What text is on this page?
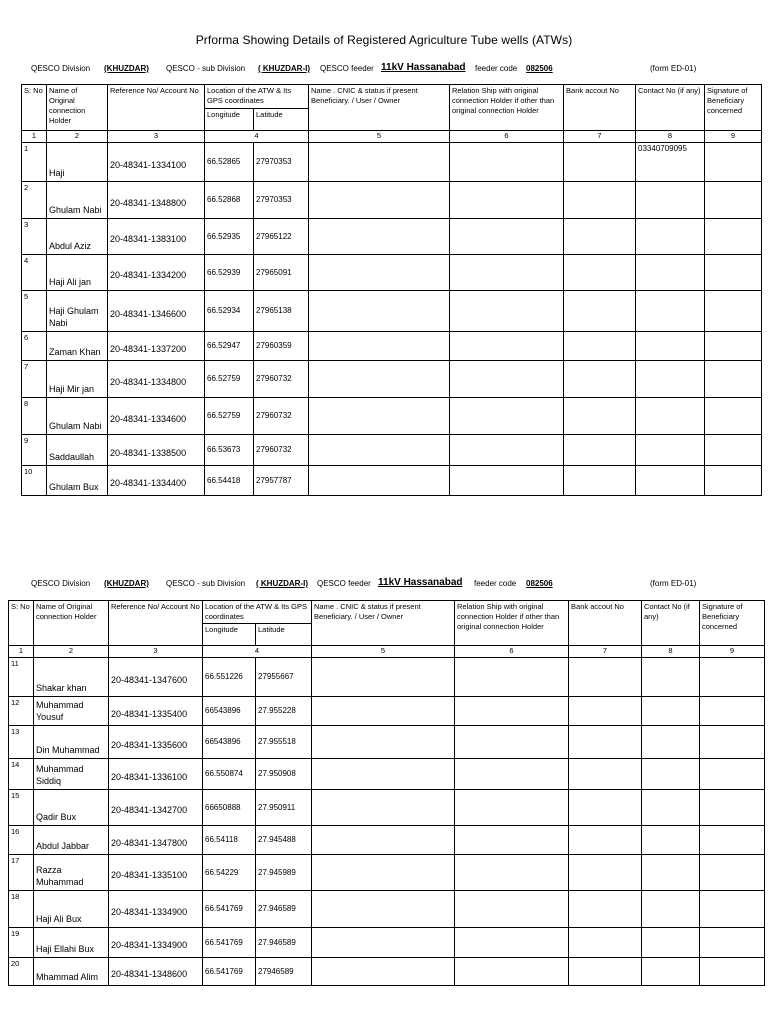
Prforma Showing Details of Registered Agriculture Tube wells (ATWs)
QESCO Division (KHUZDAR) QESCO - sub Division ( KHUZDAR-I) QESCO feeder 11kV Hassanabad feeder code 082506	(form ED-01)
S: No	Name of Original connection Holder	Reference No/ Account No	Location of the ATW & Its GPS coordinates		Name . CNIC & status if present Beneficiary. / User / Owner	Relation Ship with original connection Holder if other than original connection Holder	Bank accout No	Contact No (if any)	Signature of Beneficiary concerned
			Longitude	Latitude					
1	2	3	4		5	6	7	8	9
1	Haji	20-48341-1334100	66.52865	27970353				03340709095	
2	Ghulam Nabi	20-48341-1348800	66.52868	27970353					
3	Abdul Aziz	20-48341-1383100	66.52935	27965122					
4	Haji Ali jan	20-48341-1334200	66.52939	27965091					
5	Haji Ghulam Nabi	20-48341-1346600	66.52934	27965138					
6	Zaman Khan	20-48341-1337200	66.52947	27960359					
7	Haji Mir jan	20-48341-1334800	66.52759	27960732					
8	Ghulam Nabi	20-48341-1334600	66.52759	27960732					
9	Saddaullah	20-48341-1338500	66.53673	27960732					
10	Ghulam Bux	20-48341-1334400	66.54418	27957787					
QESCO Division (KHUZDAR) QESCO - sub Division ( KHUZDAR-I) QESCO feeder 11kV Hassanabad feeder code 082506	(form ED-01)
S: No	Name of Original connection Holder	Reference No/ Account No	Location of the ATW & Its GPS coordinates		Name . CNIC & status if present Beneficiary. / User / Owner	Relation Ship with original connection Holder if other than original connection Holder	Bank accout No	Contact No (if any)	Signature of Beneficiary concerned
			Longitude	Latitude					
1	2	3	4		5	6	7	8	9
11	Shakar khan	20-48341-1347600	66.551226	27955667					
12	Muhammad Yousuf	20-48341-1335400	66543896	27.955228					
13	Din Muhammad	20-48341-1335600	66543896	27.955518					
14	Muhammad Siddiq	20-48341-1336100	66.550874	27.950908					
15	Qadir Bux	20-48341-1342700	66650888	27.950911					
16	Abdul Jabbar	20-48341-1347800	66.54118	27.945488					
17	Razza Muhammad	20-48341-1335100	66.54229	27.945989					
18	Haji Ali Bux	20-48341-1334900	66.541769	27.946589					
19	Haji Ellahi Bux	20-48341-1334900	66.541769	27.946589					
20	Mhammad Alim	20-48341-1348600	66.541769	27946589					
